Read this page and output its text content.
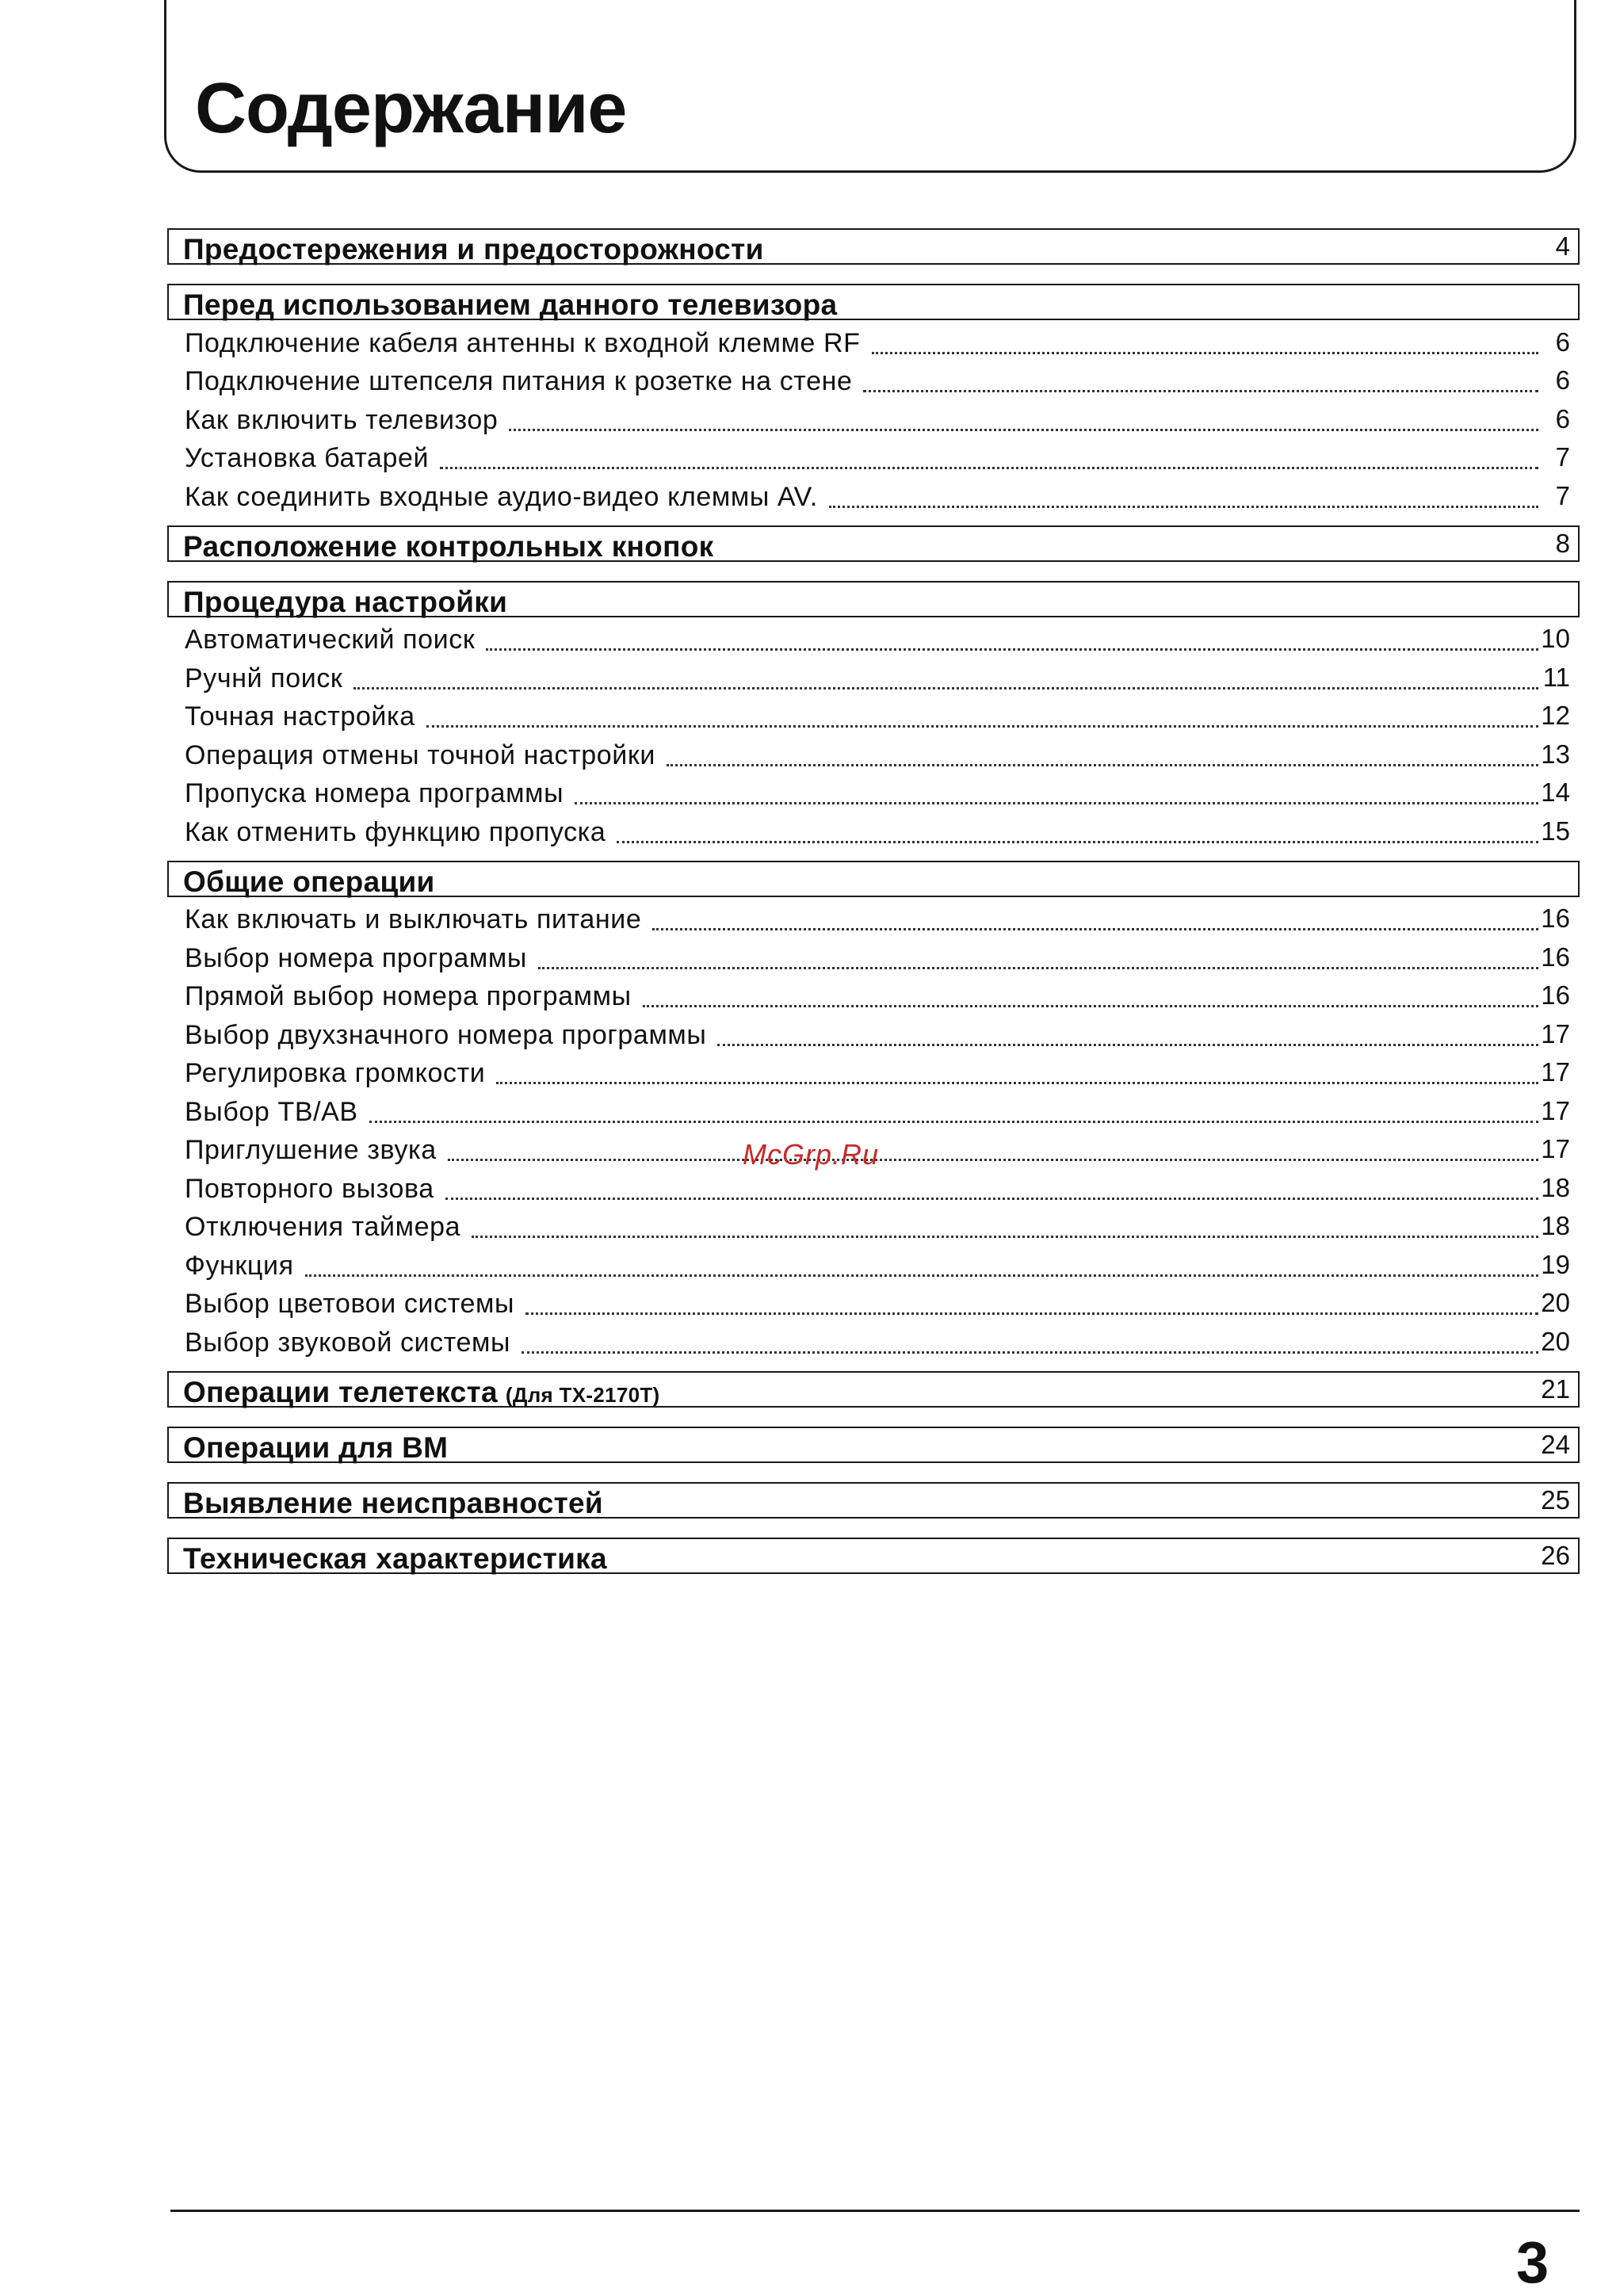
Содержание
Предостережения и предосторожности	4
Перед использованием данного телевизора
Подключение кабеля антенны к входной клемме RF	6
Подключение штепселя питания к розетке на стене	6
Как включить телевизор	6
Установка батарей	7
Как соединить входные аудио-видео клеммы AV.	7
Расположение контрольных кнопок	8
Процедура настройки
Автоматический поиск	10
Ручнй поиск	11
Точная настройка	12
Операция отмены точной настройки	13
Пропуска номера программы	14
Как отменить функцию пропуска	15
Общие операции
Как включать и выключать питание	16
Выбор номера программы	16
Прямой выбор номера программы	16
Выбор двухзначного номера программы	17
Регулировка громкости	17
Выбор ТВ/АВ	17
Приглушение звука	17
Повторного вызова	18
Отключения таймера	18
Функция	19
Выбор цветовои системы	20
Выбор звуковой системы	20
Операции телетекста (Для TX-2170T)	21
Операции для ВМ	24
Выявление неисправностей	25
Техническая характеристика	26
McGrp.Ru
3
